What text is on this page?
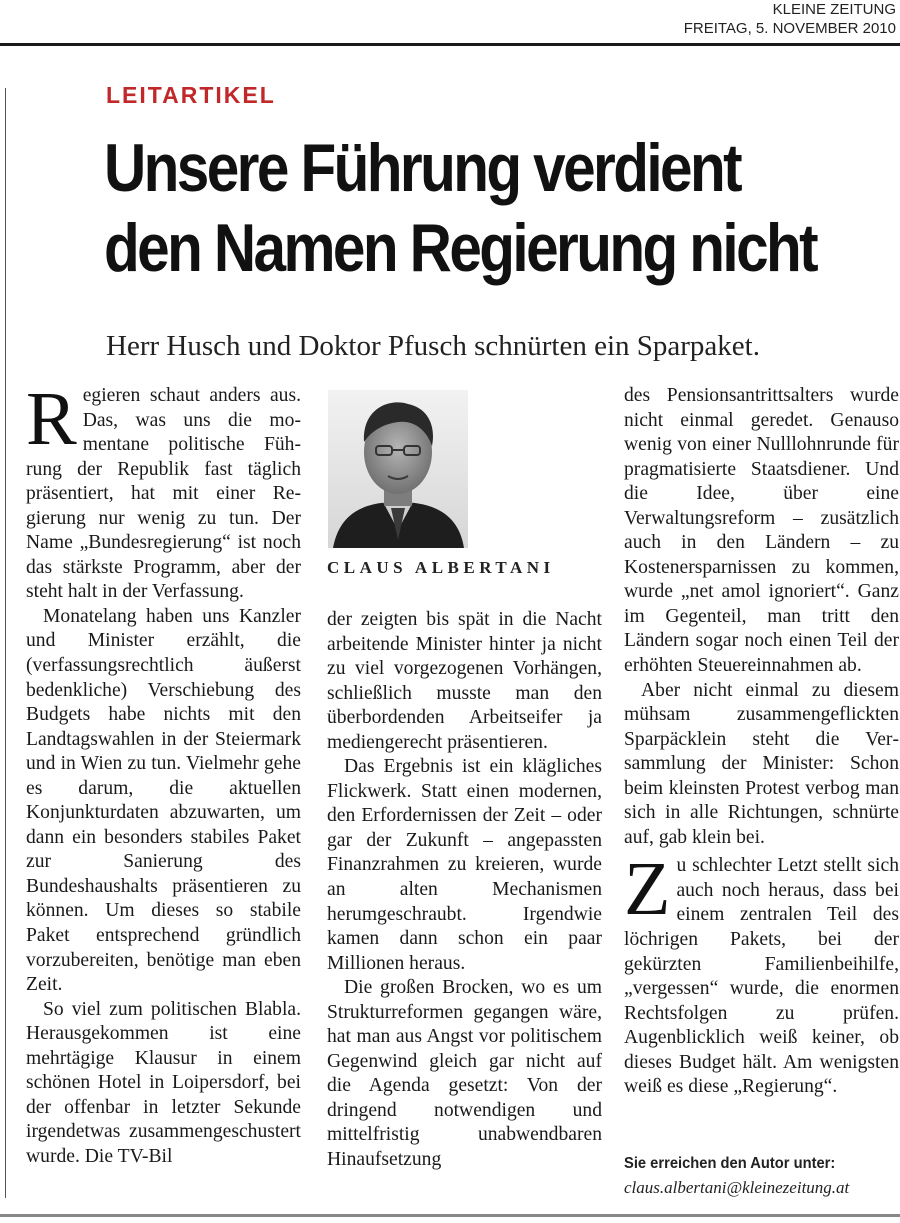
KLEINE ZEITUNG
FREITAG, 5. NOVEMBER 2010
LEITARTIKEL
Unsere Führung verdient
den Namen Regierung nicht
Herr Husch und Doktor Pfusch schnürten ein Sparpaket.

Regieren schaut anders aus. Das, was uns die momentane politische Führung der Republik fast täglich präsentiert, hat mit einer Regierung nur wenig zu tun. Der Name „Bundesregierung“ ist noch das stärkste Programm, aber der steht halt in der Verfassung.

Monatelang haben uns Kanzler und Minister erzählt, die (verfassungsrechtlich äußerst bedenkliche) Verschiebung des Budgets habe nichts mit den Landtagswahlen in der Steiermark und in Wien zu tun. Vielmehr gehe es darum, die aktuellen Konjunkturdaten abzuwarten, um dann ein besonders stabiles Paket zur Sanierung des Bundeshaushalts präsentieren zu können. Um dieses so stabile Paket entsprechend gründlich vorzubereiten, benötige man eben Zeit.

So viel zum politischen Blabla. Herausgekommen ist eine mehrtägige Klausur in einem schönen Hotel in Loipersdorf, bei der offenbar in letzter Sekunde irgendetwas zusammengeschustert wurde. Die TV-Bil

CLAUS ALBERTANI

der zeigten bis spät in die Nacht arbeitende Minister hinter ja nicht zu viel vorgezogenen Vorhängen, schließlich musste man den überbordenden Arbeitseifer ja mediengerecht präsentieren.

Das Ergebnis ist ein klägliches Flickwerk. Statt einen modernen, den Erfordernissen der Zeit – oder gar der Zukunft – angepassten Finanzrahmen zu kreieren, wurde an alten Mechanismen herumgeschraubt. Irgendwie kamen dann schon ein paar Millionen heraus.

Die großen Brocken, wo es um Strukturreformen gegangen wäre, hat man aus Angst vor politischem Gegenwind gleich gar nicht auf die Agenda gesetzt: Von der dringend notwendigen und mittelfristig unabwendbaren Hinaufsetzung

des Pensionsantrittsalters wurde nicht einmal geredet. Genauso wenig von einer Nulllohnrunde für pragmatisierte Staatsdiener. Und die Idee, über eine Verwaltungsreform – zusätzlich auch in den Ländern – zu Kostenersparnissen zu kommen, wurde „net amol ignoriert“. Ganz im Gegenteil, man tritt den Ländern sogar noch einen Teil der erhöhten Steuereinnahmen ab.

Aber nicht einmal zu diesem mühsam zusammengeflickten Sparpäcklein steht die Versammlung der Minister: Schon beim kleinsten Protest verbog man sich in alle Richtungen, schnürte auf, gab klein bei.

Zu schlechter Letzt stellt sich auch noch heraus, dass bei einem zentralen Teil des löchrigen Pakets, bei der gekürzten Familienbeihilfe, „vergessen“ wurde, die enormen Rechtsfolgen zu prüfen. Augenblicklich weiß keiner, ob dieses Budget hält. Am wenigsten weiß es diese „Regierung“.

Sie erreichen den Autor unter:
claus.albertani@kleinezeitung.at
